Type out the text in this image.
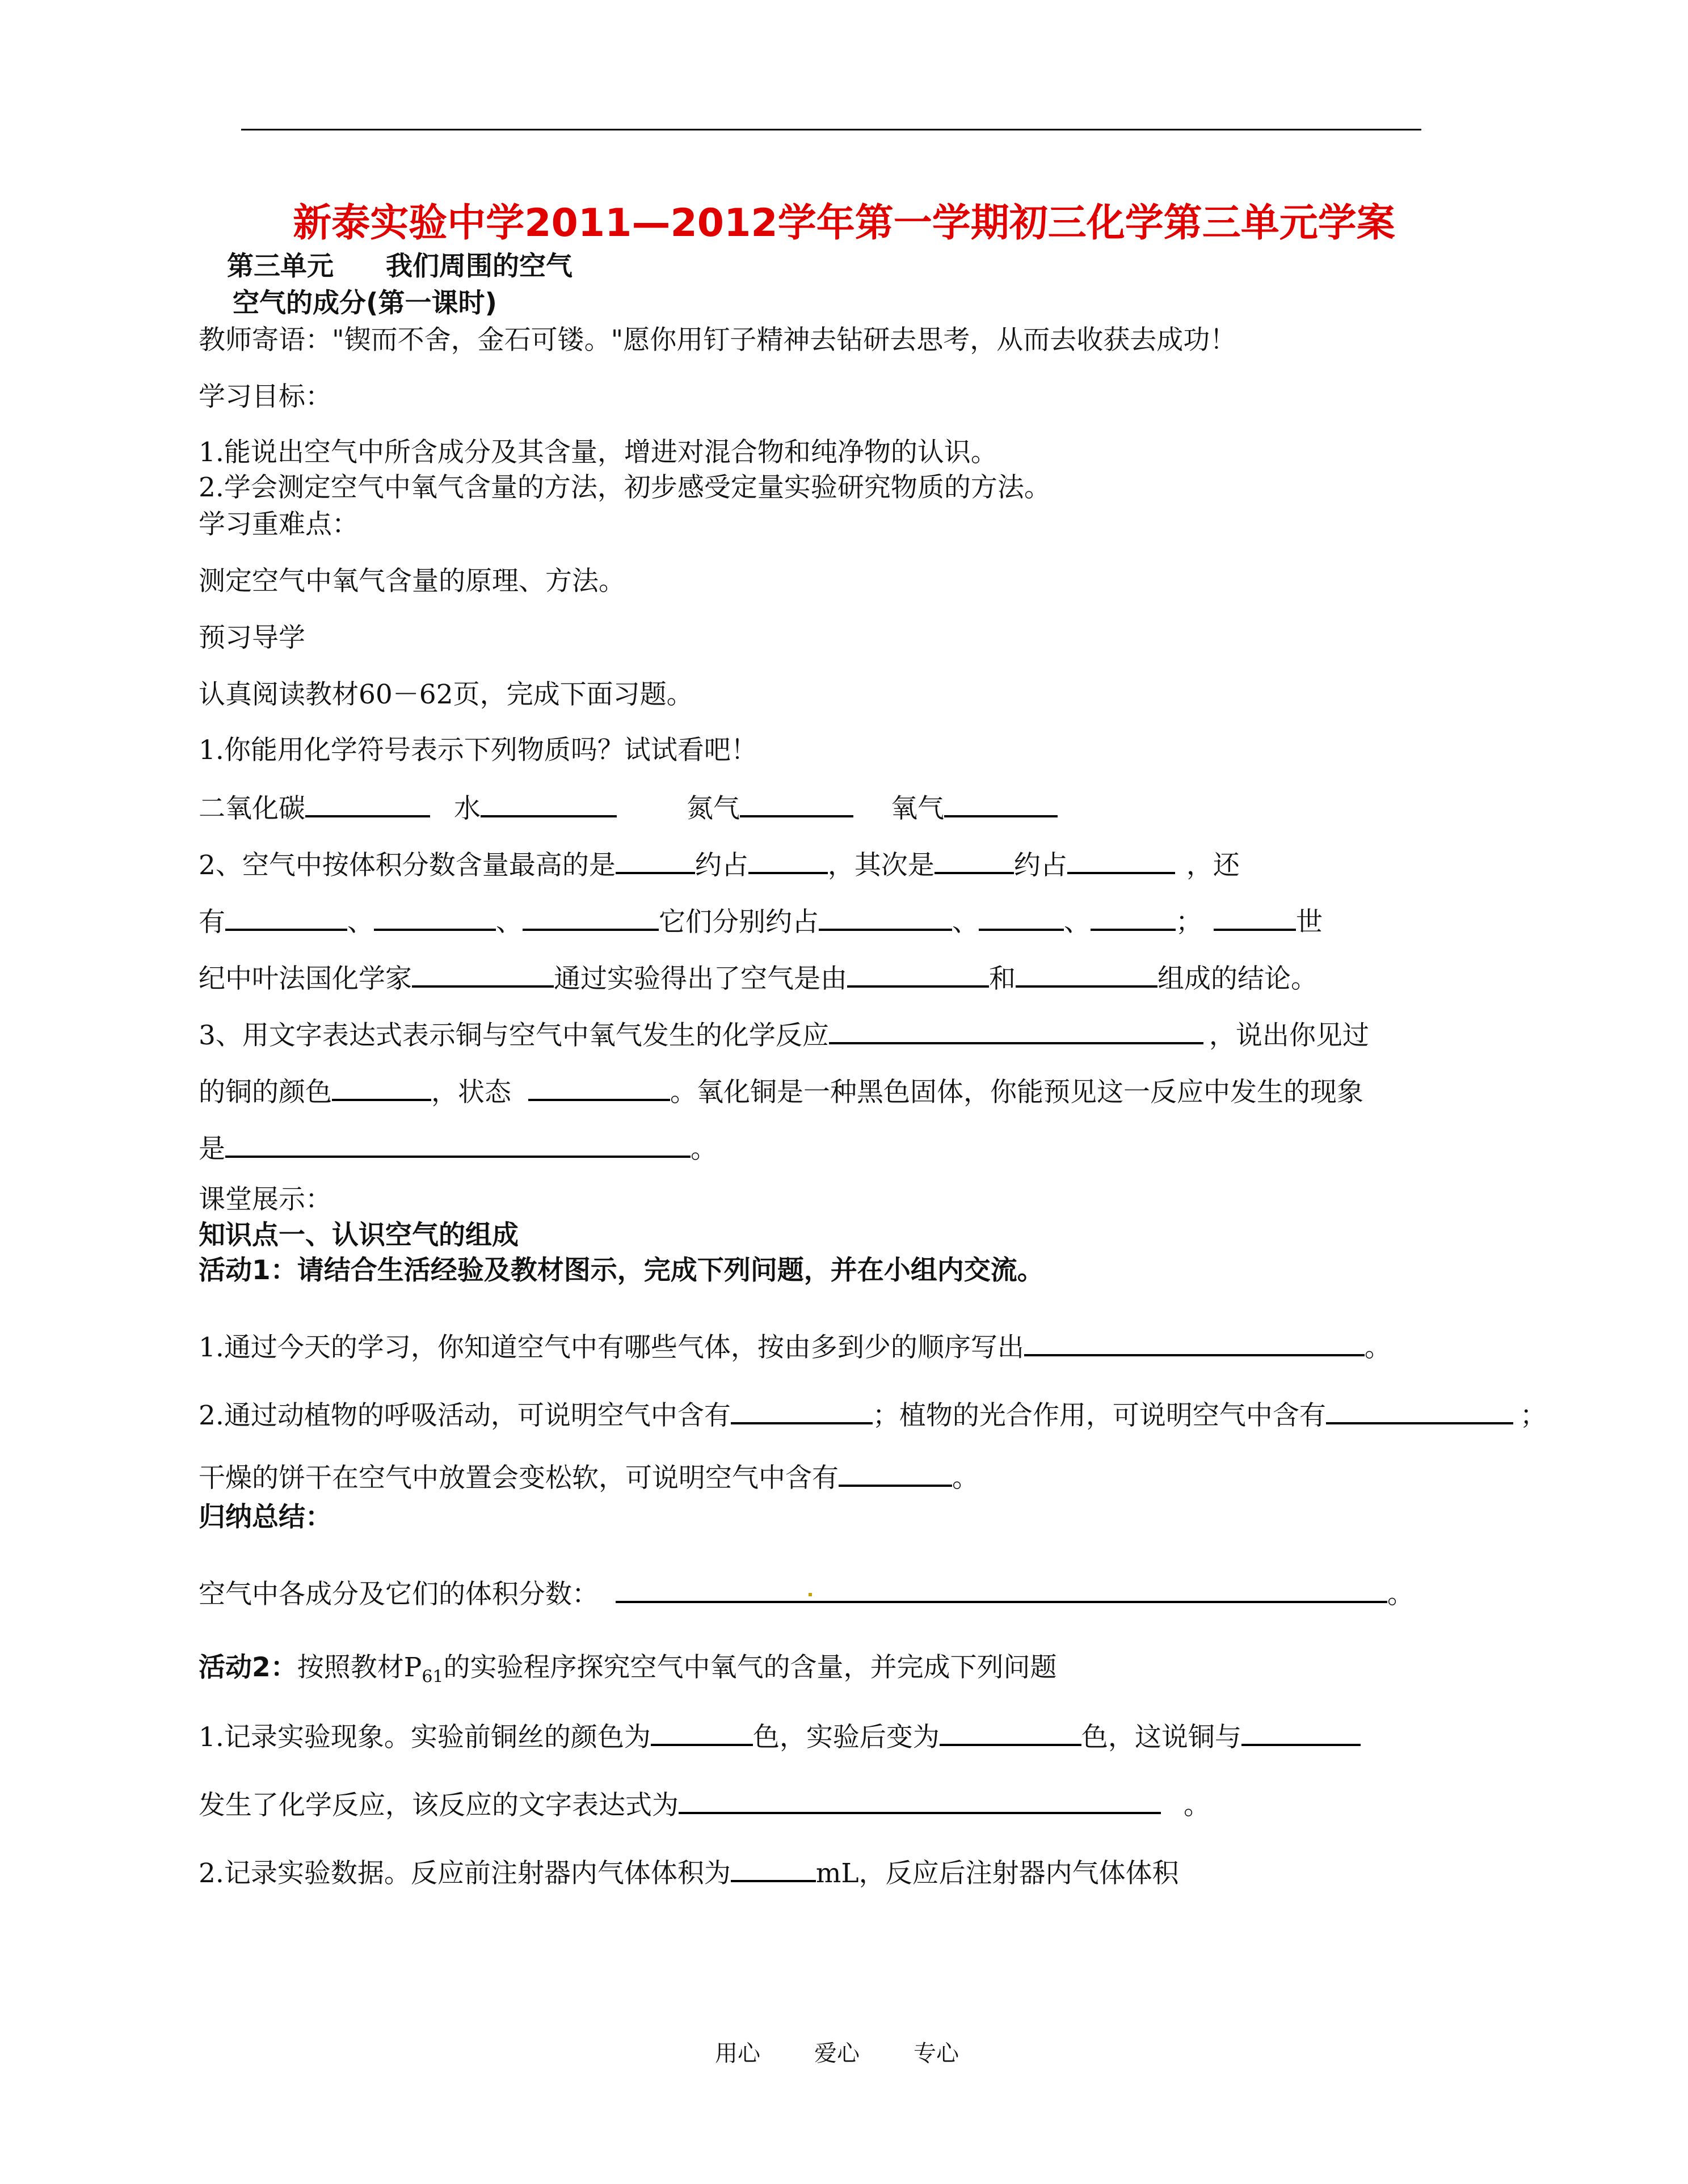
新泰实验中学2011—2012学年第一学期初三化学第三单元学案
第三单元 我们周围的空气
空气的成分(第一课时)
教师寄语："锲而不舍，金石可镂。"愿你用钉子精神去钻研去思考，从而去收获去成功！
学习目标：
1.能说出空气中所含成分及其含量，增进对混合物和纯净物的认识。
2.学会测定空气中氧气含量的方法，初步感受定量实验研究物质的方法。
学习重难点：
测定空气中氧气含量的原理、方法。
预习导学
认真阅读教材60－62页，完成下面习题。
1.你能用化学符号表示下列物质吗？试试看吧！
二氧化碳	水	氮气	氧气
2、空气中按体积分数含量最高的是	约占	，其次是	约占	，还
有	、	、	它们分别约占	、	、	；	世
纪中叶法国化学家	通过实验得出了空气是由	和	组成的结论。
3、用文字表达式表示铜与空气中氧气发生的化学反应	，说出你见过
的铜的颜色	，状态	。氧化铜是一种黑色固体，你能预见这一反应中发生的现象
是	。
课堂展示：
知识点一、认识空气的组成
活动1：请结合生活经验及教材图示，完成下列问题，并在小组内交流。
1.通过今天的学习，你知道空气中有哪些气体，按由多到少的顺序写出	。
2.通过动植物的呼吸活动，可说明空气中含有	；植物的光合作用，可说明空气中含有	；
干燥的饼干在空气中放置会变松软，可说明空气中含有	。
归纳总结：
空气中各成分及它们的体积分数：	。
活动2：按照教材$P_{61}$的实验程序探究空气中氧气的含量，并完成下列问题
1.记录实验现象。实验前铜丝的颜色为	色，实验后变为	色，这说铜与
发生了化学反应，该反应的文字表达式为	。
2.记录实验数据。反应前注射器内气体体积为	mL，反应后注射器内气体体积
用心 爱心 专心
